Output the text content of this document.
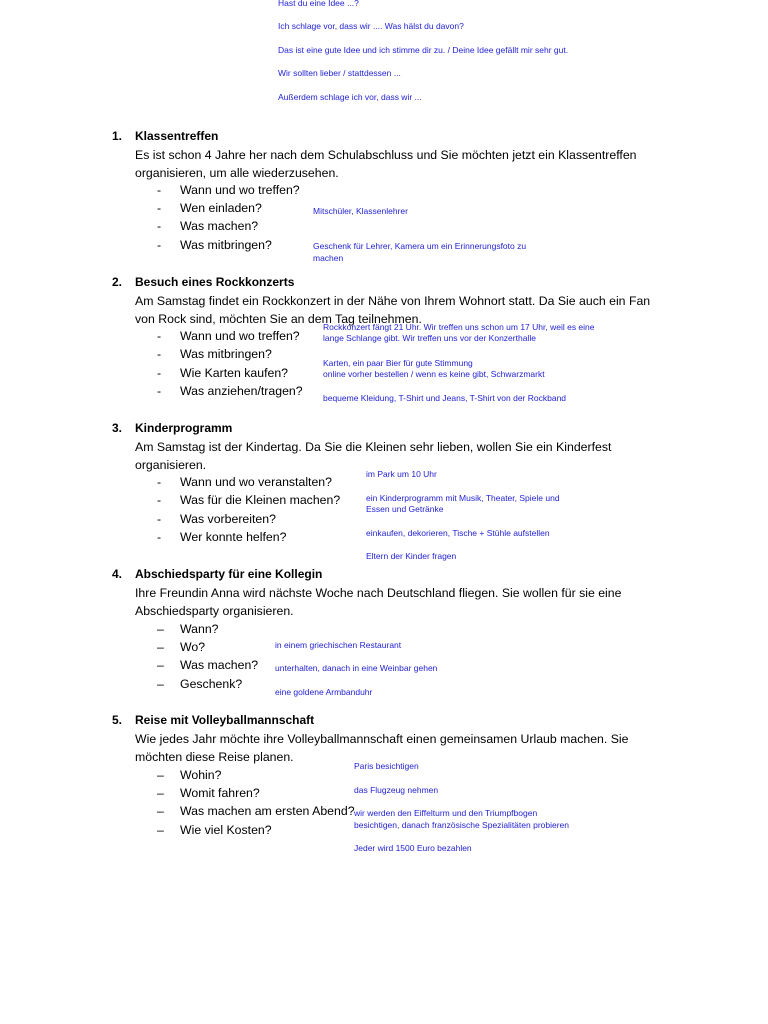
Hast du eine Idee ...?
Ich schlage vor, dass wir .... Was hälst du davon?
Das ist eine gute Idee und ich stimme dir zu. / Deine Idee gefällt mir sehr gut.
Wir sollten lieber / stattdessen ...
Außerdem schlage ich vor, dass wir ...
1. Klassentreffen
Es ist schon 4 Jahre her nach dem Schulabschluss und Sie möchten jetzt ein Klassentreffen
organisieren, um alle wiederzusehen.
- Wann und wo treffen?
- Wen einladen?
- Was machen?
- Was mitbringen?
Mitschüler, Klassenlehrer
Geschenk für Lehrer, Kamera um ein Erinnerungsfoto zu
machen
2. Besuch eines Rockkonzerts
Am Samstag findet ein Rockkonzert in der Nähe von Ihrem Wohnort statt. Da Sie auch ein Fan
von Rock sind, möchten Sie an dem Tag teilnehmen.
- Wann und wo treffen?
- Was mitbringen?
- Wie Karten kaufen?
- Was anziehen/tragen?
Rockkonzert fängt 21 Uhr. Wir treffen uns schon um 17 Uhr, weil es eine
lange Schlange gibt. Wir treffen uns vor der Konzerthalle
Karten, ein paar Bier für gute Stimmung
online vorher bestellen / wenn es keine gibt, Schwarzmarkt
bequeme Kleidung, T-Shirt und Jeans, T-Shirt von der Rockband
3. Kinderprogramm
Am Samstag ist der Kindertag. Da Sie die Kleinen sehr lieben, wollen Sie ein Kinderfest
organisieren.
- Wann und wo veranstalten?
- Was für die Kleinen machen?
- Was vorbereiten?
- Wer konnte helfen?
im Park um 10 Uhr
ein Kinderprogramm mit Musik, Theater, Spiele und
Essen und Getränke
einkaufen, dekorieren, Tische + Stühle aufstellen
Eltern der Kinder fragen
4. Abschiedsparty für eine Kollegin
Ihre Freundin Anna wird nächste Woche nach Deutschland fliegen. Sie wollen für sie eine
Abschiedsparty organisieren.
– Wann?
– Wo?
– Was machen?
– Geschenk?
in einem griechischen Restaurant
unterhalten, danach in eine Weinbar gehen
eine goldene Armbanduhr
5. Reise mit Volleyballmannschaft
Wie jedes Jahr möchte ihre Volleyballmannschaft einen gemeinsamen Urlaub machen. Sie
möchten diese Reise planen.
– Wohin?
– Womit fahren?
– Was machen am ersten Abend?
– Wie viel Kosten?
Paris besichtigen
das Flugzeug nehmen
wir werden den Eiffelturm und den Triumpfbogen
besichtigen, danach französische Spezialitäten probieren
Jeder wird 1500 Euro bezahlen
